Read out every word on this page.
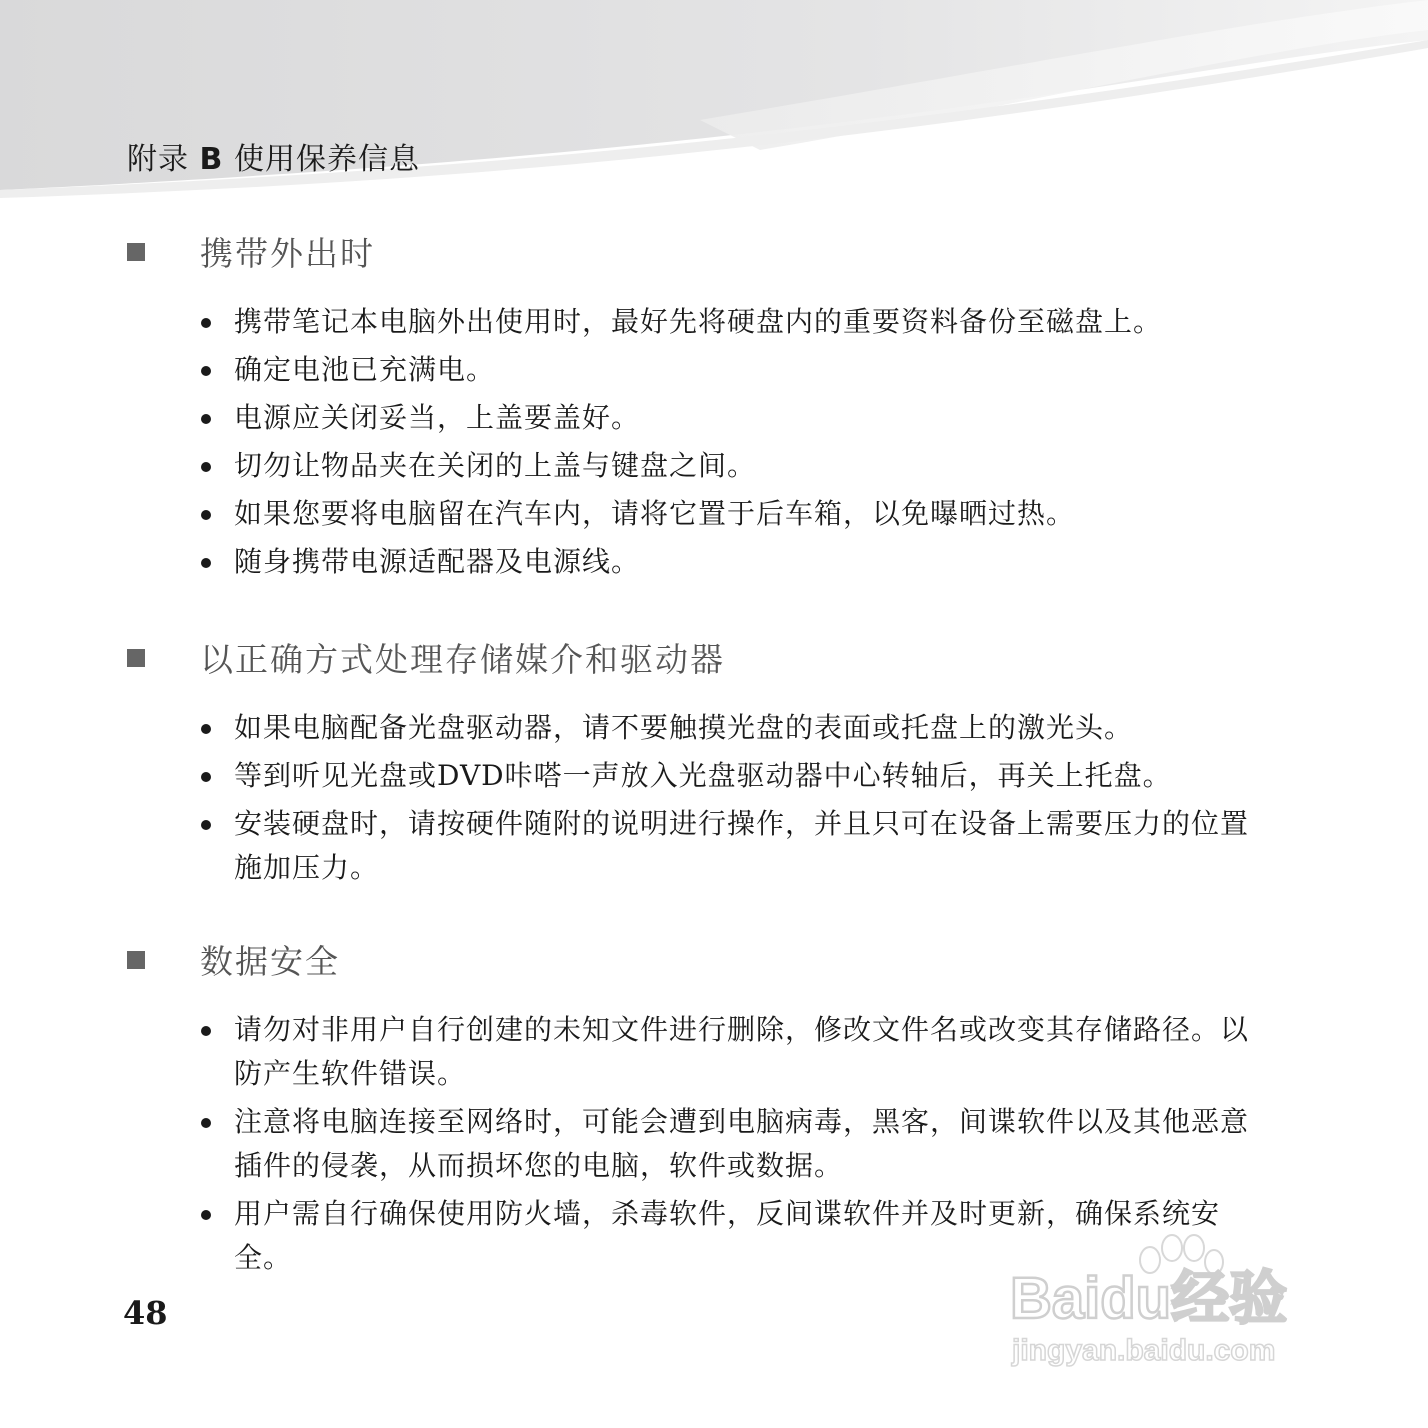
附录 B 使用保养信息
携带外出时
携带笔记本电脑外出使用时，最好先将硬盘内的重要资料备份至磁盘上。
确定电池已充满电。
电源应关闭妥当，上盖要盖好。
切勿让物品夹在关闭的上盖与键盘之间。
如果您要将电脑留在汽车内，请将它置于后车箱，以免曝晒过热。
随身携带电源适配器及电源线。
以正确方式处理存储媒介和驱动器
如果电脑配备光盘驱动器，请不要触摸光盘的表面或托盘上的激光头。
等到听见光盘或DVD咔嗒一声放入光盘驱动器中心转轴后，再关上托盘。
安装硬盘时，请按硬件随附的说明进行操作，并且只可在设备上需要压力的位置施加压力。
数据安全
请勿对非用户自行创建的未知文件进行删除，修改文件名或改变其存储路径。以防产生软件错误。
注意将电脑连接至网络时，可能会遭到电脑病毒，黑客，间谍软件以及其他恶意插件的侵袭，从而损坏您的电脑，软件或数据。
用户需自行确保使用防火墙，杀毒软件，反间谍软件并及时更新，确保系统安全。
48	Baidu经验
jingyan.baidu.com
